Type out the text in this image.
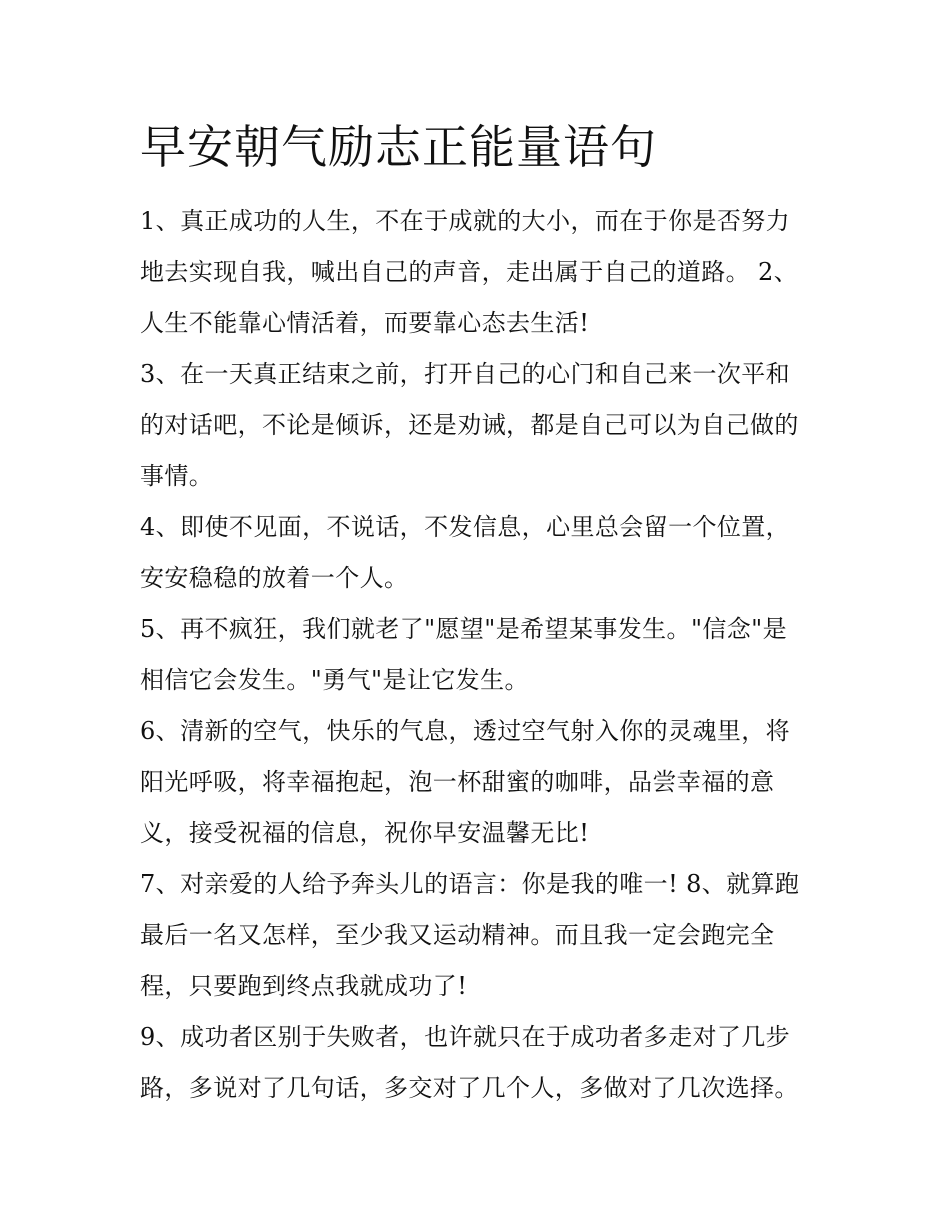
早安朝气励志正能量语句
1、真正成功的人生，不在于成就的大小，而在于你是否努力
地去实现自我，喊出自己的声音，走出属于自己的道路。 2、
人生不能靠心情活着，而要靠心态去生活!
3、在一天真正结束之前，打开自己的心门和自己来一次平和
的对话吧，不论是倾诉，还是劝诫，都是自己可以为自己做的
事情。
4、即使不见面，不说话，不发信息，心里总会留一个位置，
安安稳稳的放着一个人。
5、再不疯狂，我们就老了"愿望"是希望某事发生。"信念"是
相信它会发生。"勇气"是让它发生。
6、清新的空气，快乐的气息，透过空气射入你的灵魂里，将
阳光呼吸，将幸福抱起，泡一杯甜蜜的咖啡，品尝幸福的意
义，接受祝福的信息，祝你早安温馨无比!
7、对亲爱的人给予奔头儿的语言：你是我的唯一! 8、就算跑
最后一名又怎样，至少我又运动精神。而且我一定会跑完全
程，只要跑到终点我就成功了!
9、成功者区别于失败者，也许就只在于成功者多走对了几步
路，多说对了几句话，多交对了几个人，多做对了几次选择。
